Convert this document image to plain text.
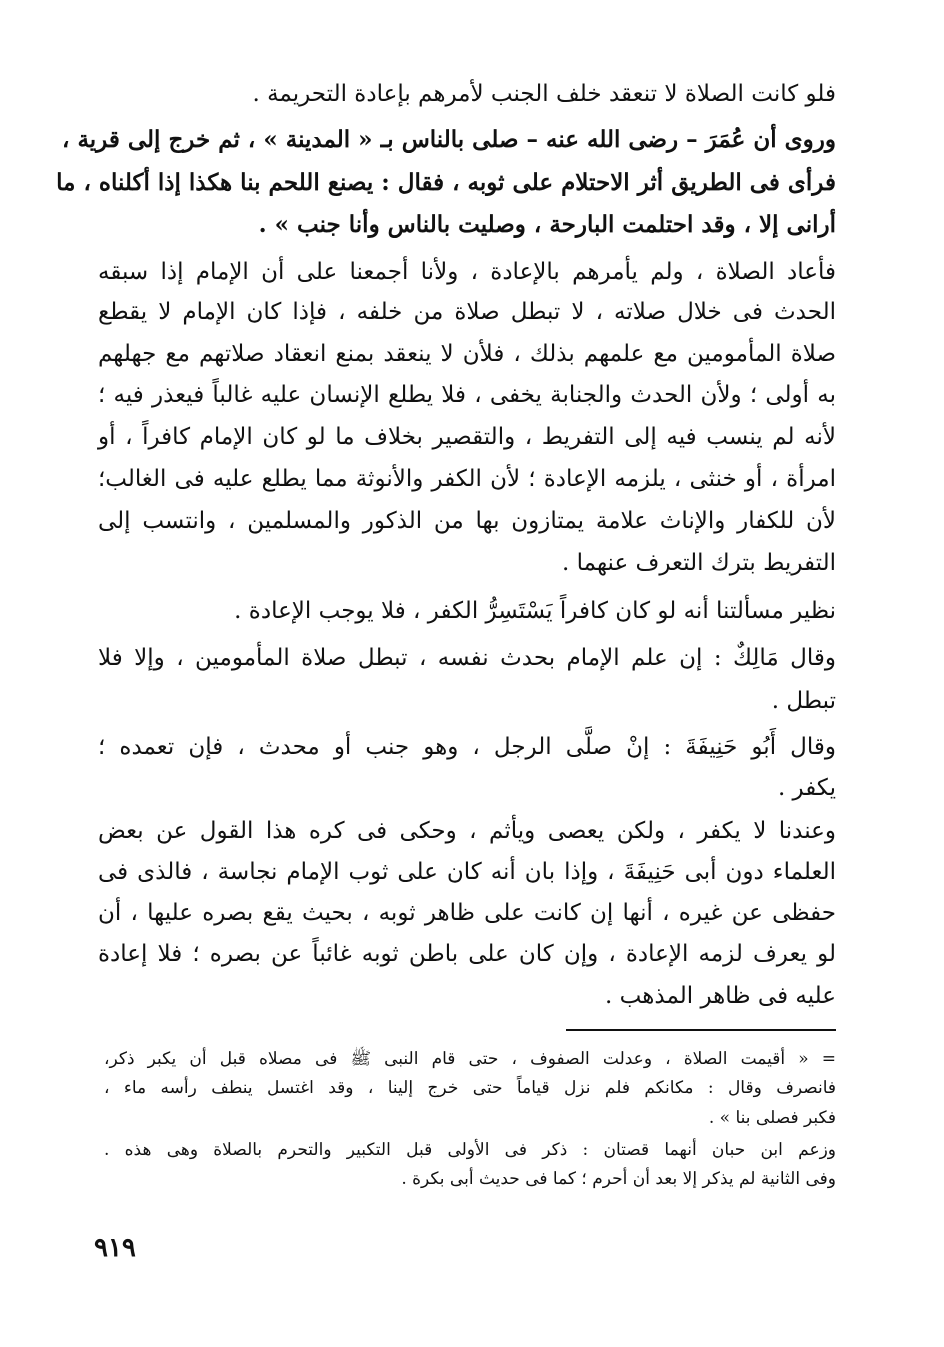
فلو كانت الصلاة لا تنعقد خلف الجنب لأمرهم بإعادة التحريمة .
وروى أن عُمَرَ – رضى الله عنه – صلى بالناس بـ « المدينة » ، ثم خرج إلى قرية ،
فرأى فى الطريق أثر الاحتلام على ثوبه ، فقال : يصنع اللحم بنا هكذا إذا أكلناه ، ما
أرانى إلا ، وقد احتلمت البارحة ، وصليت بالناس وأنا جنب » .
فأعاد الصلاة ، ولم يأمرهم بالإعادة ، ولأنا أجمعنا على أن الإمام إذا سبقه
الحدث فى خلال صلاته ، لا تبطل صلاة من خلفه ، فإذا كان الإمام لا يقطع
صلاة المأمومين مع علمهم بذلك ، فلأن لا ينعقد بمنع انعقاد صلاتهم مع جهلهم
به أولى ؛ ولأن الحدث والجنابة يخفى ، فلا يطلع الإنسان عليه غالباً فيعذر فيه ؛
لأنه لم ينسب فيه إلى التفريط ، والتقصير بخلاف ما لو كان الإمام كافراً ، أو
امرأة ، أو خنثى ، يلزمه الإعادة ؛ لأن الكفر والأنوثة مما يطلع عليه فى الغالب؛
لأن للكفار والإناث علامة يمتازون بها من الذكور والمسلمين ، وانتسب إلى
التفريط بترك التعرف عنهما .
نظير مسألتنا أنه لو كان كافراً يَسْتَسِرُّ الكفر ، فلا يوجب الإعادة .
وقال مَالِكٌ : إن علم الإمام بحدث نفسه ، تبطل صلاة المأمومين ، وإلا فلا
تبطل .
وقال أَبُو حَنِيفَةَ : إنْ صلَّى الرجل ، وهو جنب أو محدث ، فإن تعمده ؛
يكفر .
وعندنا لا يكفر ، ولكن يعصى ويأثم ، وحكى فى كره هذا القول عن بعض
العلماء دون أبى حَنِيفَةَ ، وإذا بان أنه كان على ثوب الإمام نجاسة ، فالذى فى
حفظى عن غيره ، أنها إن كانت على ظاهر ثوبه ، بحيث يقع بصره عليها ، أن
لو يعرف لزمه الإعادة ، وإن كان على باطن ثوبه غائباً عن بصره ؛ فلا إعادة
عليه فى ظاهر المذهب .
= « أقيمت الصلاة ، وعدلت الصفوف ، حتى قام النبى ﷺ فى مصلاه قبل أن يكبر ذكر،
فانصرف وقال : مكانكم فلم نزل قياماً حتى خرج إلينا ، وقد اغتسل ينطف رأسه ماء ،
فكبر فصلى بنا » .
وزعم ابن حبان أنهما قصتان : ذكر فى الأولى قبل التكبير والتحرم بالصلاة وهى هذه .
وفى الثانية لم يذكر إلا بعد أن أحرم ؛ كما فى حديث أبى بكرة .
٩١٩
